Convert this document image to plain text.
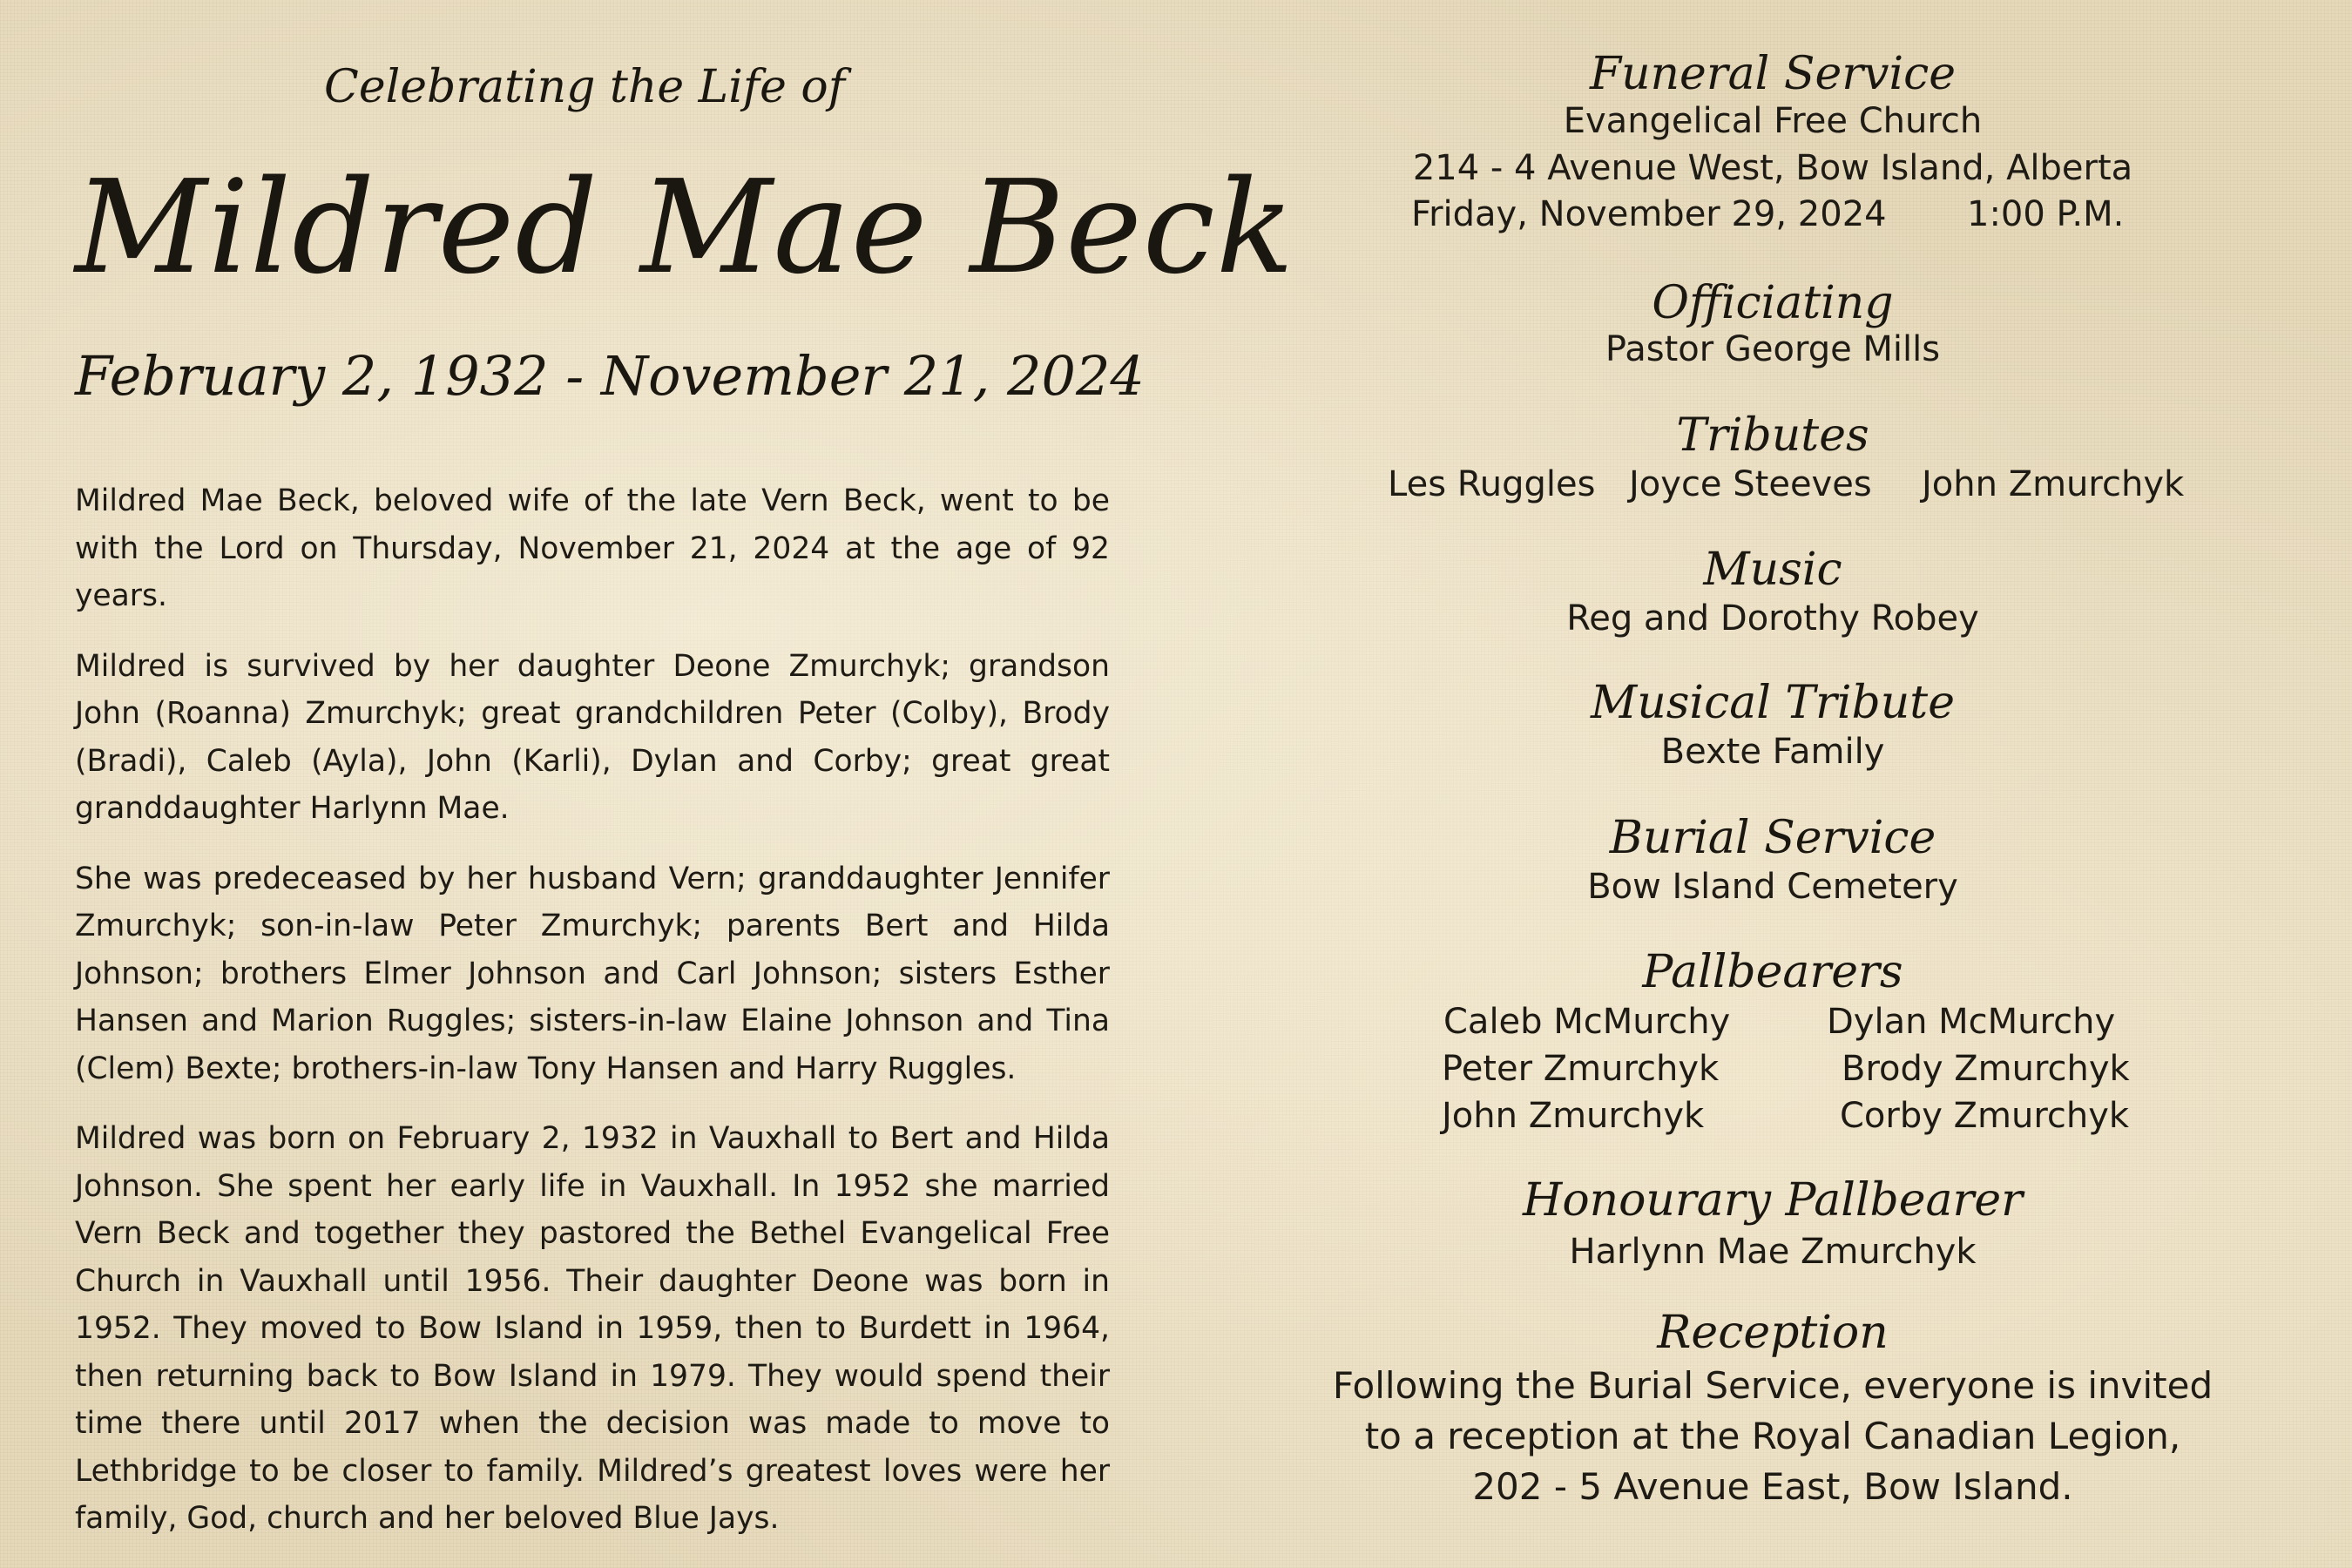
Celebrating the Life of
Mildred Mae Beck
February 2, 1932 - November 21, 2024

Mildred Mae Beck, beloved wife of the late Vern Beck, went to be with the Lord on Thursday, November 21, 2024 at the age of 92 years.

Mildred is survived by her daughter Deone Zmurchyk; grandson John (Roanna) Zmurchyk; great grandchildren Peter (Colby), Brody (Bradi), Caleb (Ayla), John (Karli), Dylan and Corby; great great granddaughter Harlynn Mae.

She was predeceased by her husband Vern; granddaughter Jennifer Zmurchyk; son-in-law Peter Zmurchyk; parents Bert and Hilda Johnson; brothers Elmer Johnson and Carl Johnson; sisters Esther Hansen and Marion Ruggles; sisters-in-law Elaine Johnson and Tina (Clem) Bexte; brothers-in-law Tony Hansen and Harry Ruggles.

Mildred was born on February 2, 1932 in Vauxhall to Bert and Hilda Johnson. She spent her early life in Vauxhall. In 1952 she married Vern Beck and together they pastored the Bethel Evangelical Free Church in Vauxhall until 1956. Their daughter Deone was born in 1952. They moved to Bow Island in 1959, then to Burdett in 1964, then returning back to Bow Island in 1979. They would spend their time there until 2017 when the decision was made to move to Lethbridge to be closer to family. Mildred’s greatest loves were her family, God, church and her beloved Blue Jays.

Funeral Service
Evangelical Free Church
214 - 4 Avenue West, Bow Island, Alberta
Friday, November 29, 2024 1:00 P.M.
Officiating
Pastor George Mills
Tributes
Les Ruggles Joyce Steeves John Zmurchyk
Music
Reg and Dorothy Robey
Musical Tribute
Bexte Family
Burial Service
Bow Island Cemetery
Pallbearers
Caleb McMurchy	Dylan McMurchy
Peter Zmurchyk	Brody Zmurchyk
John Zmurchyk	Corby Zmurchyk
Honourary Pallbearer
Harlynn Mae Zmurchyk
Reception
Following the Burial Service, everyone is invited
to a reception at the Royal Canadian Legion,
202 - 5 Avenue East, Bow Island.
